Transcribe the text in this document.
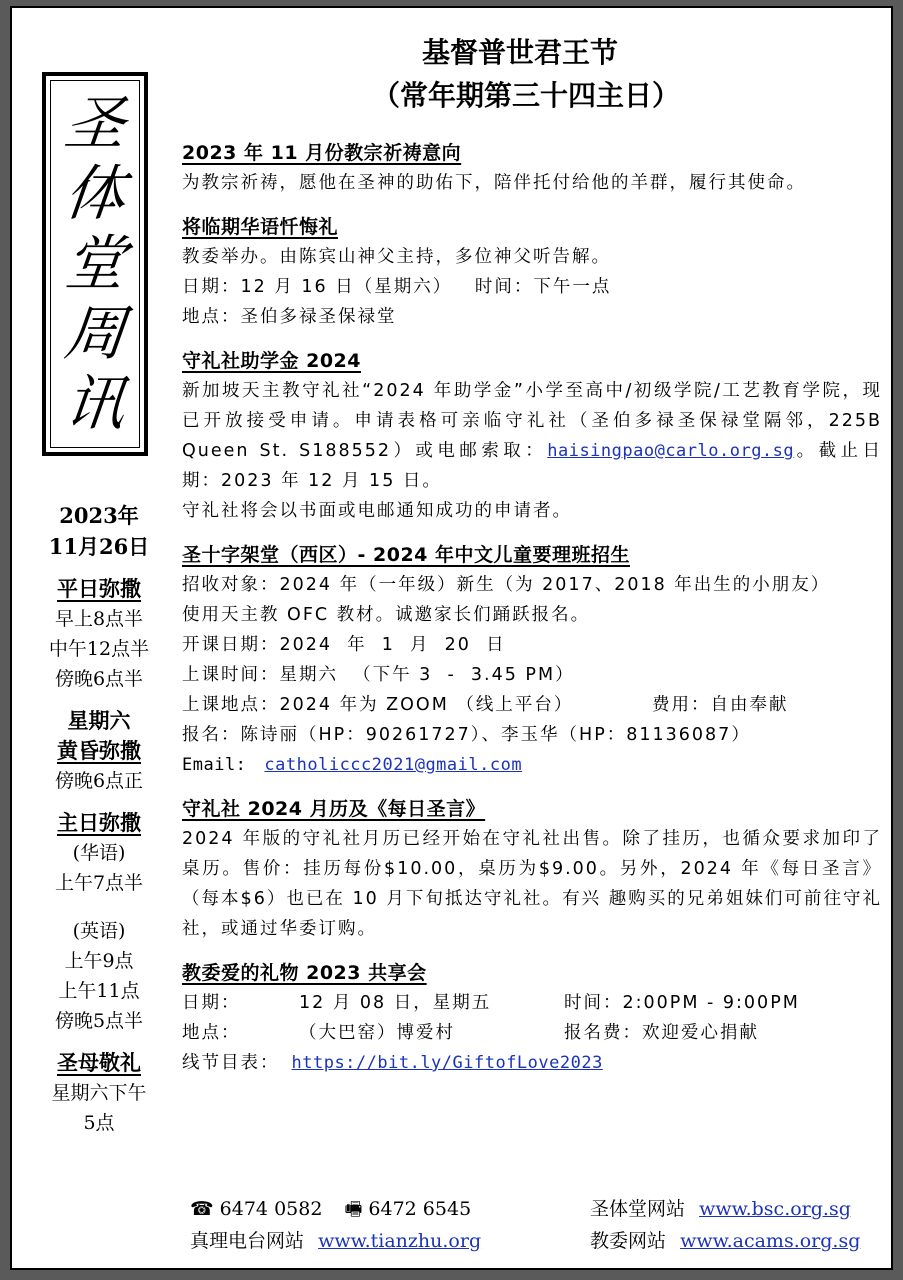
圣
体
堂
周
讯
基督普世君王节
（常年期第三十四主日）
2023年
11月26日
平日弥撒
早上8点半
中午12点半
傍晚6点半
星期六
黄昏弥撒
傍晚6点正
主日弥撒
(华语)
上午7点半
(英语)
上午9点
上午11点
傍晚5点半
圣母敬礼
星期六下午
5点
2023 年 11 月份教宗祈祷意向
为教宗祈祷，愿他在圣神的助佑下，陪伴托付给他的羊群，履行其使命。
将临期华语忏悔礼
教委举办。由陈宾山神父主持，多位神父听告解。
日期：12 月 16 日（星期六）   时间：下午一点
地点：圣伯多禄圣保禄堂
守礼社助学金 2024
新加坡天主教守礼社“2024 年助学金”小学至高中/初级学院/工艺教育学院，现已开放接受申请。申请表格可亲临守礼社（圣伯多禄圣保禄堂隔邻，225B Queen St. S188552）或电邮索取：haisingpao@carlo.org.sg。截止日期：2023 年 12 月 15 日。
守礼社将会以书面或电邮通知成功的申请者。
圣十字架堂（西区）- 2024 年中文儿童要理班招生
招收对象：2024 年（一年级）新生（为 2017、2018 年出生的小朋友）
使用天主教 OFC 教材。诚邀家长们踊跃报名。
开课日期：2024  年  1  月  20  日
上课时间：星期六  （下午 3  -  3.45 PM）
上课地点：2024 年为 ZOOM （线上平台）	费用：自由奉献
报名：陈诗丽（HP：90261727）、李玉华（HP：81136087）
Email: catholiccc2021@gmail.com
守礼社 2024 月历及《每日圣言》
2024 年版的守礼社月历已经开始在守礼社出售。除了挂历，也循众要求加印了桌历。售价：挂历每份$10.00，桌历为$9.00。另外，2024 年《每日圣言》（每本$6）也已在 10 月下旬抵达守礼社。有兴 趣购买的兄弟姐妹们可前往守礼社，或通过华委订购。
教委爱的礼物 2023 共享会
日期：	12 月 08 日，星期五	时间：2:00PM - 9:00PM
地点：	（大巴窑）博爱村	报名费：欢迎爱心捐献
线节目表： https://bit.ly/GiftofLove2023
☎ 6474 0582 🖷 6472 6545	圣体堂网站 www.bsc.org.sg
真理电台网站 www.tianzhu.org	教委网站 www.acams.org.sg
